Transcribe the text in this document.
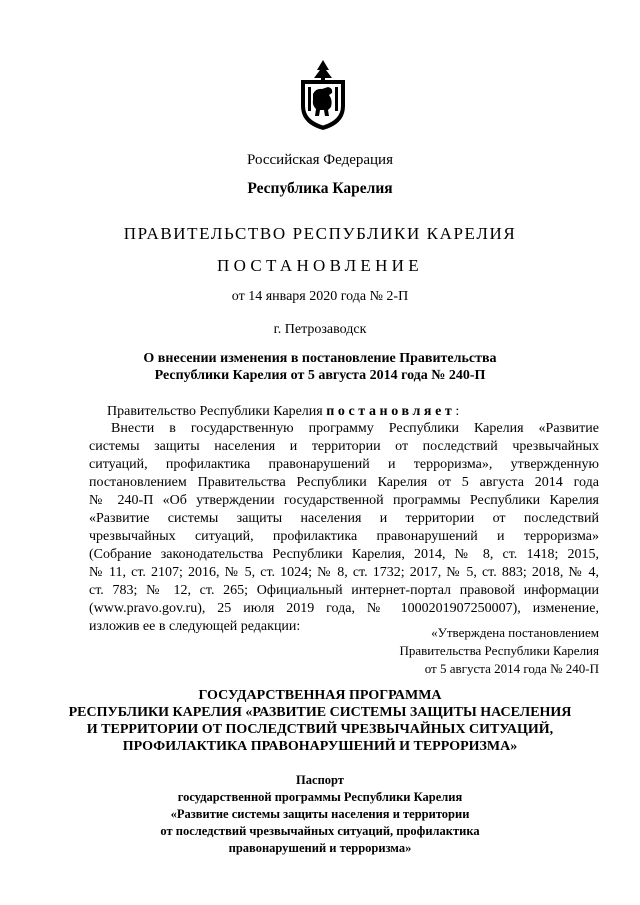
Российская Федерация
Республика Карелия
ПРАВИТЕЛЬСТВО РЕСПУБЛИКИ КАРЕЛИЯ
ПОСТАНОВЛЕНИЕ
от 14 января 2020 года № 2-П
г. Петрозаводск
О внесении изменения в постановление Правительства
Республики Карелия от 5 августа 2014 года № 240-П
Правительство Республики Карелия постановляет:
Внести в государственную программу Республики Карелия «Развитие
системы защиты населения и территории от последствий чрезвычайных
ситуаций, профилактика правонарушений и терроризма», утвержденную
постановлением Правительства Республики Карелия от 5 августа 2014 года
№ 240-П «Об утверждении государственной программы Республики Карелия
«Развитие системы защиты населения и территории от последствий
чрезвычайных ситуаций, профилактика правонарушений и терроризма»
(Собрание законодательства Республики Карелия, 2014, № 8, ст. 1418; 2015,
№ 11, ст. 2107; 2016, № 5, ст. 1024; № 8, ст. 1732; 2017, № 5, ст. 883; 2018, № 4,
ст. 783; № 12, ст. 265; Официальный интернет-портал правовой информации
(www.pravo.gov.ru), 25 июля 2019 года, № 1000201907250007), изменение,
изложив ее в следующей редакции:	«Утверждена постановлением
Правительства Республики Карелия
от 5 августа 2014 года № 240-П
ГОСУДАРСТВЕННАЯ ПРОГРАММА
РЕСПУБЛИКИ КАРЕЛИЯ «РАЗВИТИЕ СИСТЕМЫ ЗАЩИТЫ НАСЕЛЕНИЯ
И ТЕРРИТОРИИ ОТ ПОСЛЕДСТВИЙ ЧРЕЗВЫЧАЙНЫХ СИТУАЦИЙ,
ПРОФИЛАКТИКА ПРАВОНАРУШЕНИЙ И ТЕРРОРИЗМА»
Паспорт
государственной программы Республики Карелия
«Развитие системы защиты населения и территории
от последствий чрезвычайных ситуаций, профилактика
правонарушений и терроризма»
